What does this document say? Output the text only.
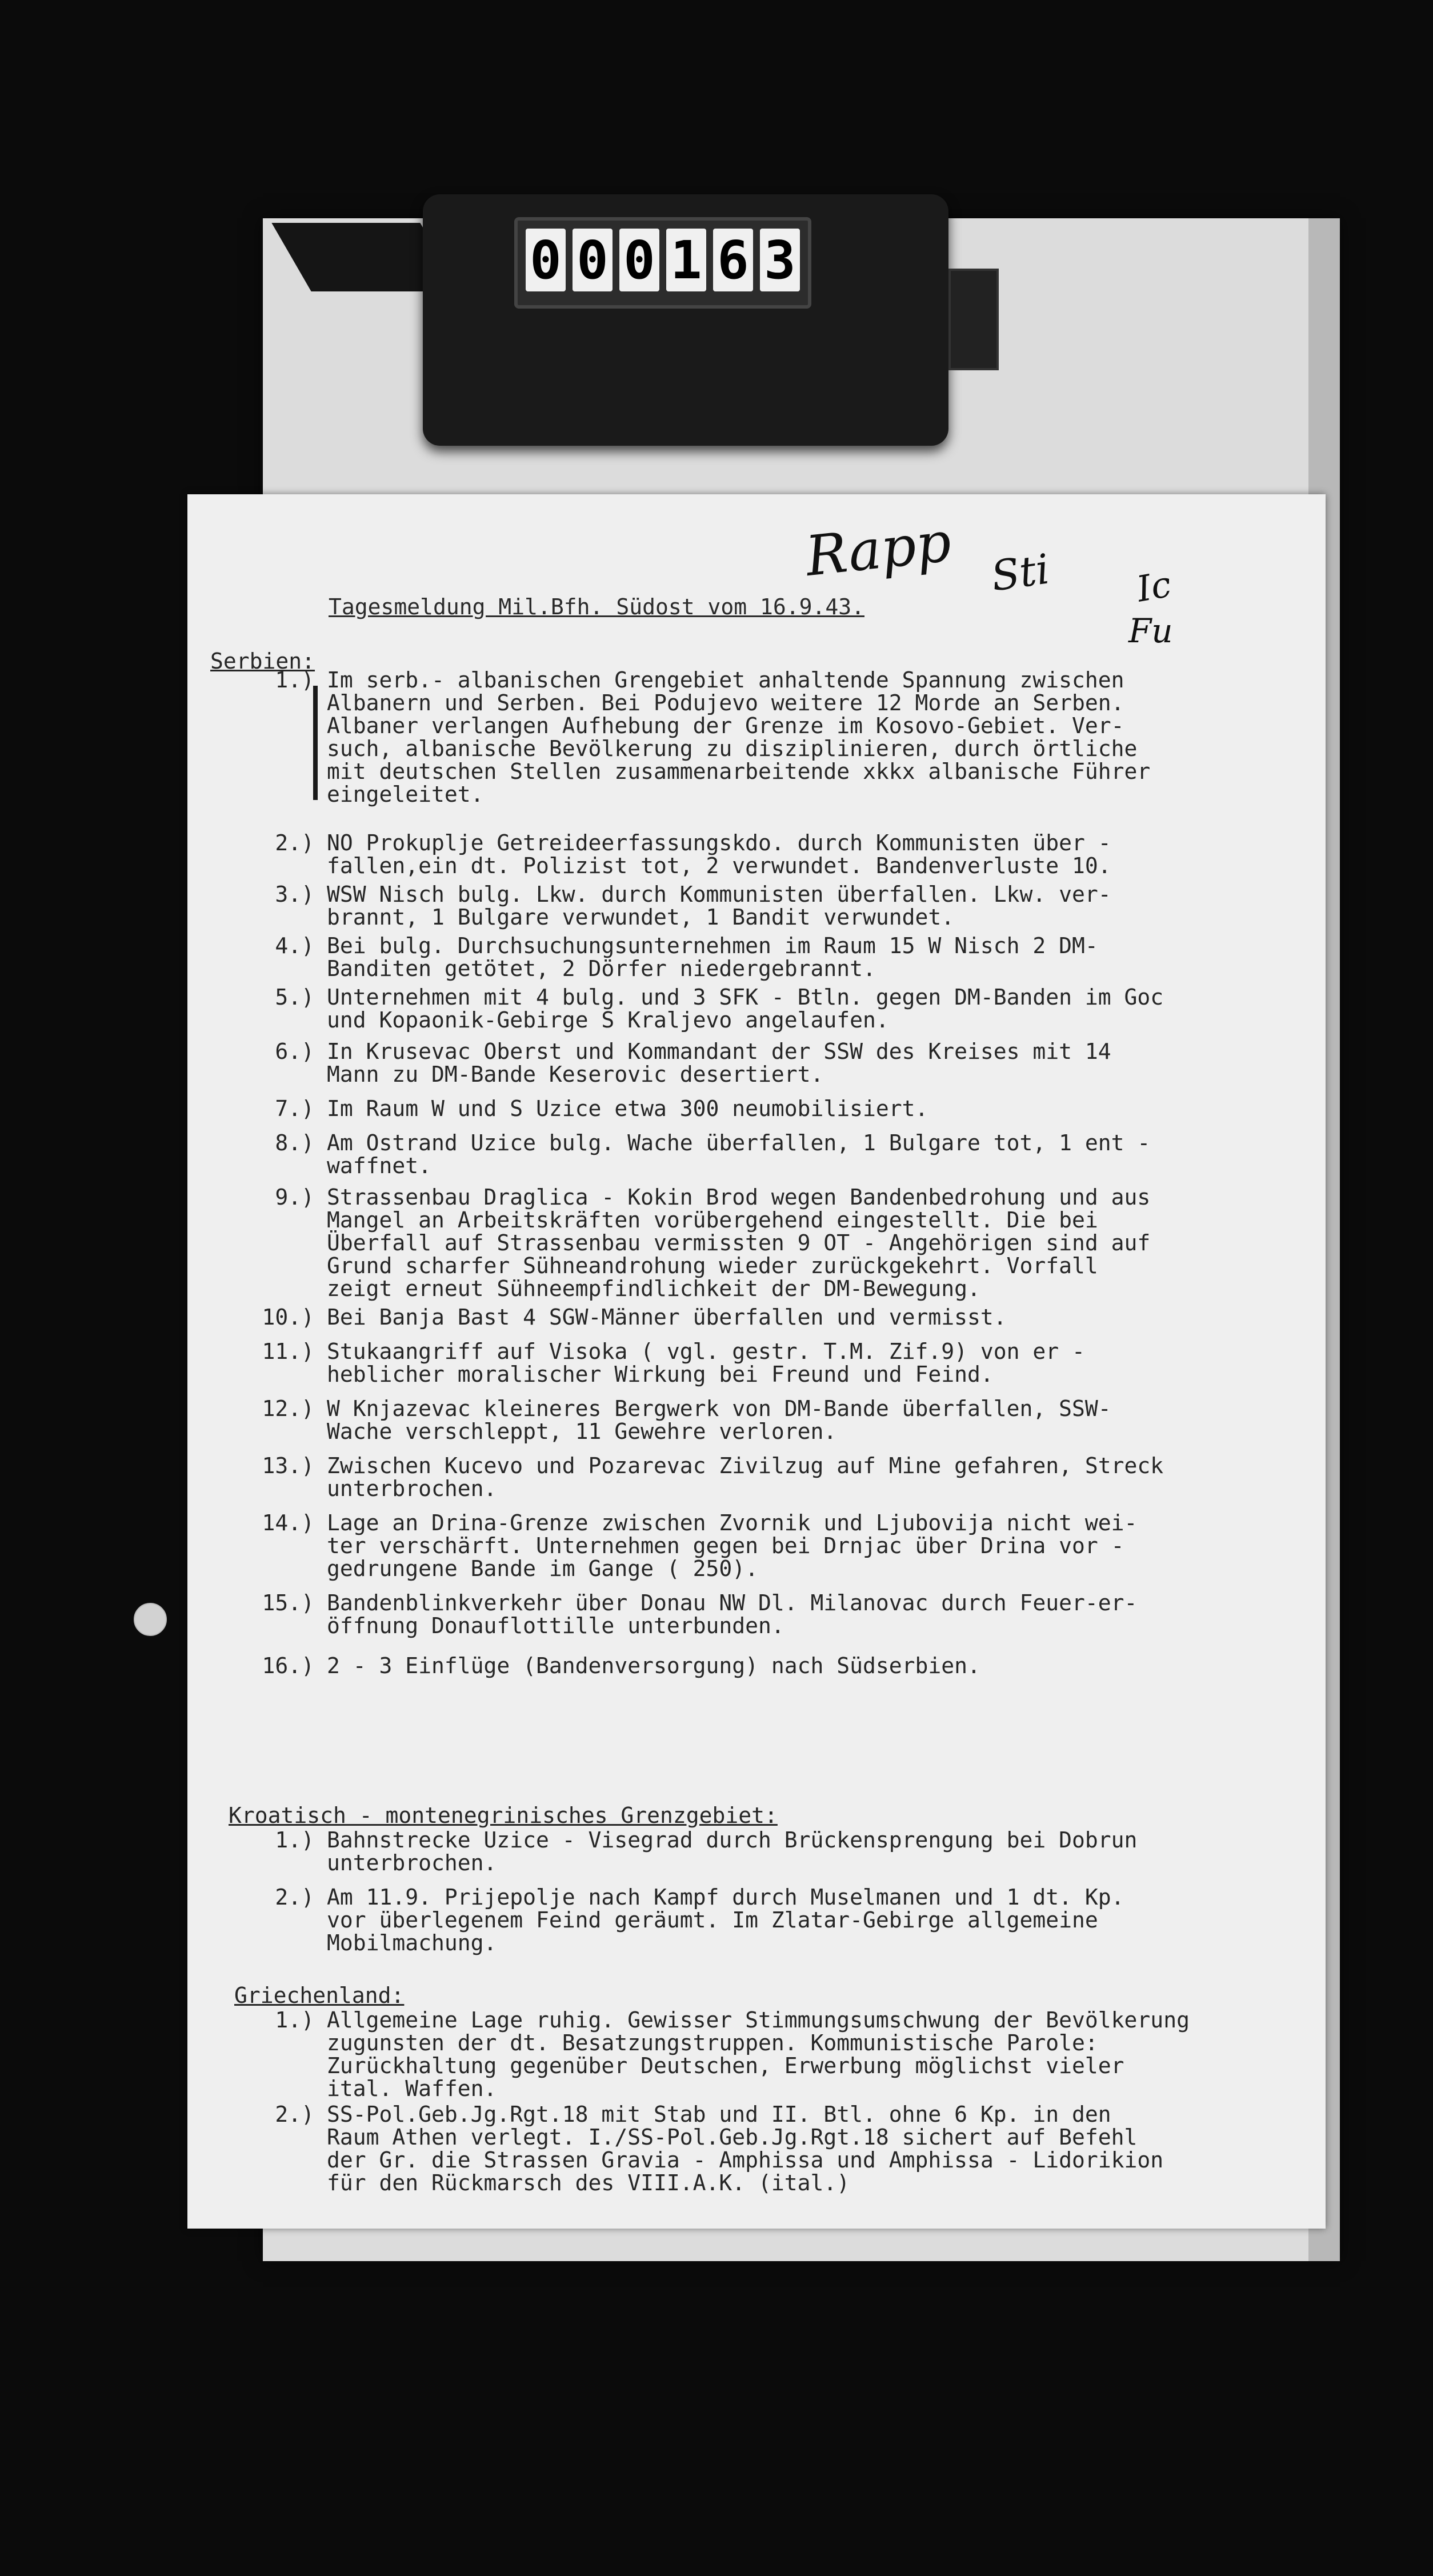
0 0 0 1 6 3
Tagesmeldung Mil.Bfh. Südost vom 16.9.43.
Rapp Sti Ic
Fu
Serbien:
1.) Im serb.- albanischen Grengebiet anhaltende Spannung zwischen
Albanern und Serben. Bei Podujevo weitere 12 Morde an Serben.
Albaner verlangen Aufhebung der Grenze im Kosovo-Gebiet. Ver-
such, albanische Bevölkerung zu disziplinieren, durch örtliche
mit deutschen Stellen zusammenarbeitende xkkx albanische Führer
eingeleitet.
2.) NO Prokuplje Getreideerfassungskdo. durch Kommunisten über -
fallen,ein dt. Polizist tot, 2 verwundet. Bandenverluste 10.
3.) WSW Nisch bulg. Lkw. durch Kommunisten überfallen. Lkw. ver-
brannt, 1 Bulgare verwundet, 1 Bandit verwundet.
4.) Bei bulg. Durchsuchungsunternehmen im Raum 15 W Nisch 2 DM-
Banditen getötet, 2 Dörfer niedergebrannt.
5.) Unternehmen mit 4 bulg. und 3 SFK - Btln. gegen DM-Banden im Goc
und Kopaonik-Gebirge S Kraljevo angelaufen.
6.) In Krusevac Oberst und Kommandant der SSW des Kreises mit 14
Mann zu DM-Bande Keserovic desertiert.
7.) Im Raum W und S Uzice etwa 300 neumobilisiert.
8.) Am Ostrand Uzice bulg. Wache überfallen, 1 Bulgare tot, 1 ent -
waffnet.
9.) Strassenbau Draglica - Kokin Brod wegen Bandenbedrohung und aus
Mangel an Arbeitskräften vorübergehend eingestellt. Die bei
Überfall auf Strassenbau vermissten 9 OT - Angehörigen sind auf
Grund scharfer Sühneandrohung wieder zurückgekehrt. Vorfall
zeigt erneut Sühneempfindlichkeit der DM-Bewegung.
10.) Bei Banja Bast 4 SGW-Männer überfallen und vermisst.
11.) Stukaangriff auf Visoka ( vgl. gestr. T.M. Zif.9) von er -
heblicher moralischer Wirkung bei Freund und Feind.
12.) W Knjazevac kleineres Bergwerk von DM-Bande überfallen, SSW-
Wache verschleppt, 11 Gewehre verloren.
13.) Zwischen Kucevo und Pozarevac Zivilzug auf Mine gefahren, Streck
unterbrochen.
14.) Lage an Drina-Grenze zwischen Zvornik und Ljubovija nicht wei-
ter verschärft. Unternehmen gegen bei Drnjac über Drina vor -
gedrungene Bande im Gange ( 250).
15.) Bandenblinkverkehr über Donau NW Dl. Milanovac durch Feuer-er-
öffnung Donauflottille unterbunden.
16.) 2 - 3 Einflüge (Bandenversorgung) nach Südserbien.
Kroatisch - montenegrinisches Grenzgebiet:
1.) Bahnstrecke Uzice - Visegrad durch Brückensprengung bei Dobrun
unterbrochen.
2.) Am 11.9. Prijepolje nach Kampf durch Muselmanen und 1 dt. Kp.
vor überlegenem Feind geräumt. Im Zlatar-Gebirge allgemeine
Mobilmachung.
Griechenland:
1.) Allgemeine Lage ruhig. Gewisser Stimmungsumschwung der Bevölkerung
zugunsten der dt. Besatzungstruppen. Kommunistische Parole:
Zurückhaltung gegenüber Deutschen, Erwerbung möglichst vieler
ital. Waffen.
2.) SS-Pol.Geb.Jg.Rgt.18 mit Stab und II. Btl. ohne 6 Kp. in den
Raum Athen verlegt. I./SS-Pol.Geb.Jg.Rgt.18 sichert auf Befehl
der Gr. die Strassen Gravia - Amphissa und Amphissa - Lidorikion
für den Rückmarsch des VIII.A.K. (ital.)
